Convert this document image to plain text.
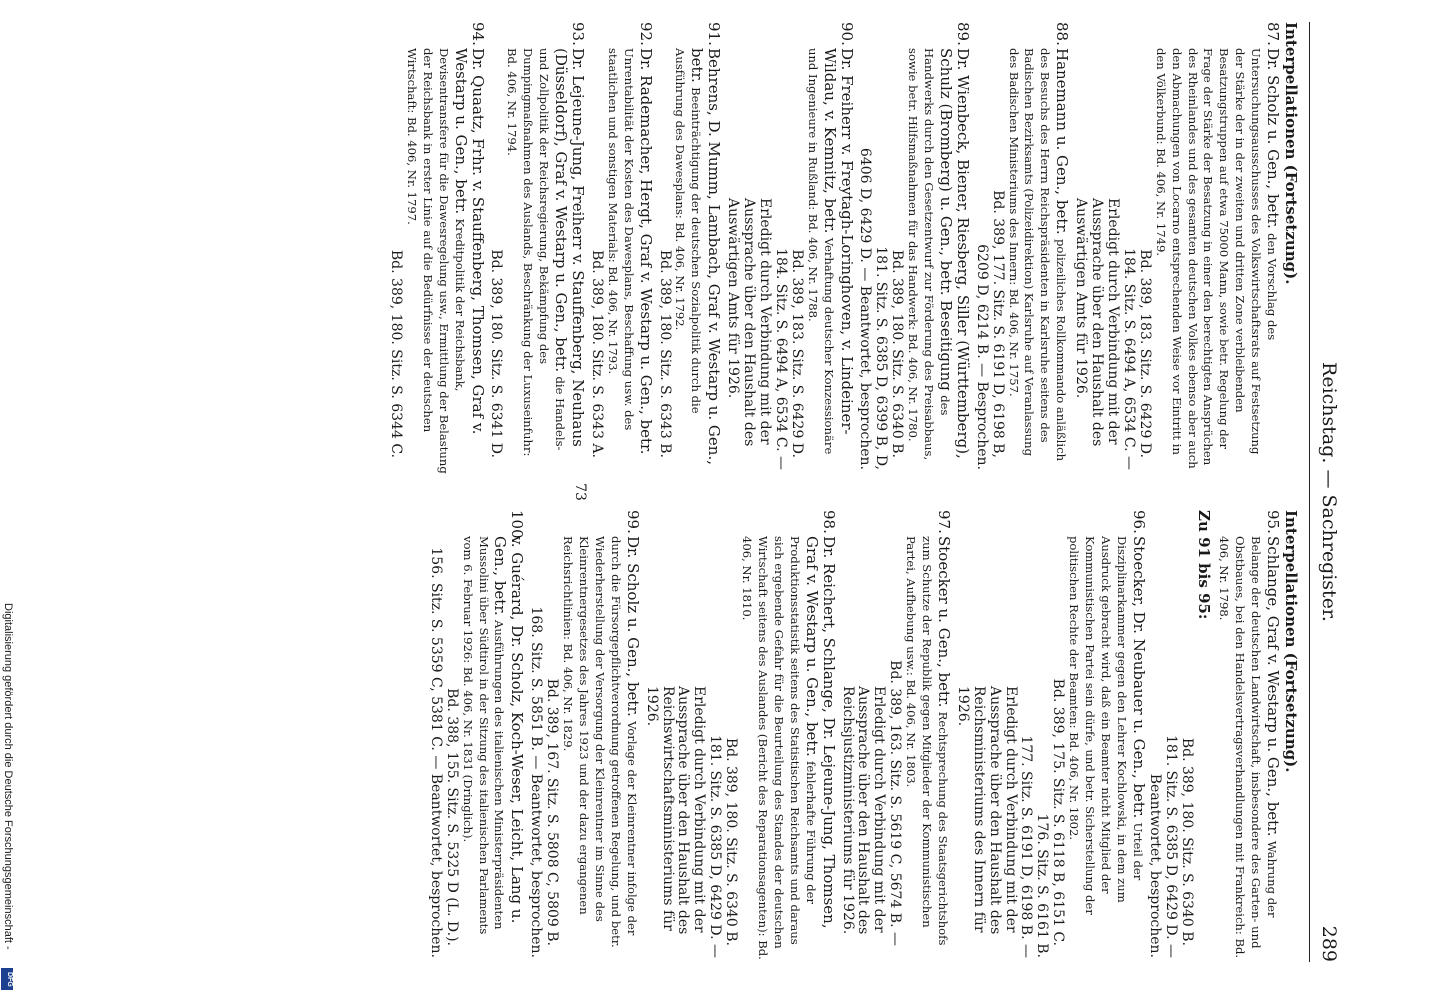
Reichstag. — Sachregister.
289
Interpellationen (Fortsetzung).
87.
Dr. Scholz u. Gen., betr. den Vorschlag des Untersuchungsausschusses des Volkswirtschaftsrats auf Festsetzung der Stärke der in der zweiten und dritten Zone verbleibenden Besatzungstruppen auf etwa 75000 Mann, sowie betr. Regelung der Frage der Stärke der Besatzung in einer den berechtigten Ansprüchen des Rheinlandes und des gesamten deutschen Volkes ebenso aber auch den Abmachungen von Locarno entsprechenden Weise vor Eintritt in den Völkerbund: Bd. 406, Nr. 1749.
Bd. 389, 183. Sitz. S. 6429 D.
184. Sitz. S. 6494 A, 6534 C. —
Erledigt durch Verbindung mit der Aussprache über den Haushalt des Auswärtigen Amts für 1926.
88.
Hanemann u. Gen., betr. polizeiliches Rollkommando anläßlich des Besuchs des Herrn Reichspräsidenten in Karlsruhe seitens des Badischen Bezirksamts (Polizeidirektion) Karlsruhe auf Veranlassung des Badischen Ministeriums des Innern: Bd. 406, Nr. 1757.
Bd. 389, 177. Sitz. S. 6191 D, 6198 B,
6209 D, 6214 B. — Besprochen.
89.
Dr. Wienbeck, Biener, Riesberg, Siller (Württemberg), Schulz (Bromberg) u. Gen., betr. Beseitigung des Handwerks durch den Gesetzentwurf zur Förderung des Preisabbaus, sowie betr. Hilfsmaßnahmen für das Handwerk: Bd. 406, Nr. 1780.
Bd. 389, 180. Sitz. S. 6340 B.
181. Sitz. S. 6385 D, 6399 B, D,
6406 D, 6429 D. — Beantwortet, besprochen.
90.
Dr. Freiherr v. Freytagh-Loringhoven, v. Lindeiner-Wildau, v. Kemnitz, betr. Verhaftung deutscher Konzessionäre und Ingenieure in Rußland: Bd. 406, Nr. 1788.
Bd. 389, 183. Sitz. S. 6429 D.
184. Sitz. S. 6494 A, 6534 C. —
Erledigt durch Verbindung mit der Aussprache über den Haushalt des Auswärtigen Amts für 1926.
91.
Behrens, D. Mumm, Lambach, Graf v. Westarp u. Gen., betr. Beeinträchtigung der deutschen Sozialpolitik durch die Ausführung des Dawesplans: Bd. 406, Nr. 1792.
Bd. 389, 180. Sitz. S. 6343 B.
92.
Dr. Rademacher, Hergt, Graf v. Westarp u. Gen., betr. Unrentabilität der Kosten des Dawesplans, Beschaffung usw. des staatlichen und sonstigen Materials: Bd. 406, Nr. 1793.
Bd. 389, 180. Sitz. S. 6343 A.
93.
Dr. Lejeune-Jung, Freiherr v. Stauffenberg, Neuhaus (Düsseldorf), Graf v. Westarp u. Gen., betr. die Handels- und Zollpolitik der Reichsregierung, Bekämpfung des Dumpingmaßnahmen des Auslands, Beschränkung der Luxuseinfuhr: Bd. 406, Nr. 1794.
Bd. 389, 180. Sitz. S. 6341 D.
94.
Dr. Quaatz, Frhr. v. Stauffenberg, Thomsen, Graf v. Westarp u. Gen., betr. Kreditpolitik der Reichsbank, Devisentransfere für die Dawesregelung usw., Ermittlung der Belastung der Reichsbank in erster Linie auf die Bedürfnisse der deutschen Wirtschaft: Bd. 406, Nr. 1797.
Bd. 389, 180. Sitz. S. 6344 C.
Interpellationen (Fortsetzung).
95.
Schlange, Graf v. Westarp u. Gen., betr. Wahrung der Belange der deutschen Landwirtschaft, insbesondere des Garten- und Obstbaues, bei den Handelsvertragsverhandlungen mit Frankreich: Bd. 406, Nr. 1798.
Zu 91 bis 95:
Bd. 389, 180. Sitz. S. 6340 B.
181. Sitz. S. 6385 D, 6429 D. —
Beantwortet, besprochen.
96.
Stoecker, Dr. Neubauer u. Gen., betr. Urteil der Disziplinarkammer gegen den Lehrer Kochlowski, in dem zum Ausdruck gebracht wird, daß ein Beamter nicht Mitglied der Kommunistischen Partei sein dürfe, und betr. Sicherstellung der politischen Rechte der Beamten: Bd. 406, Nr. 1802.
Bd. 389, 175. Sitz. S. 6118 B, 6151 C.
176. Sitz. S. 6161 B.
177. Sitz. S. 6191 D, 6198 B. —
Erledigt durch Verbindung mit der Aussprache über den Haushalt des Reichsministeriums des Innern für 1926.
97.
Stoecker u. Gen., betr. Rechtsprechung des Staatsgerichtshofs zum Schutze der Republik gegen Mitglieder der Kommunistischen Partei, Aufhebung usw.: Bd. 406, Nr. 1803.
Bd. 389, 163. Sitz. S. 5619 C, 5674 B. —
Erledigt durch Verbindung mit der Aussprache über den Haushalt des Reichsjustizministeriums für 1926.
98.
Dr. Reichert, Schlange, Dr. Lejeune-Jung, Thomsen, Graf v. Westarp u. Gen., betr. fehlerhafte Führung der Produktionsstatistik seitens des Statistischen Reichsamts und daraus sich ergebende Gefahr für die Beurteilung des Standes der deutschen Wirtschaft seitens des Auslandes (Bericht des Reparationsagenten): Bd. 406, Nr. 1810.
Bd. 389, 180. Sitz. S. 6340 B.
181. Sitz. S. 6385 D, 6429 D. —
Erledigt durch Verbindung mit der Aussprache über den Haushalt des Reichswirtschaftsministeriums für 1926.
99.
Dr. Scholz u. Gen., betr. Vorlage der Kleinrentner infolge der durch die Fürsorgepflichtverordnung getroffenen Regelung, und betr. Wiederherstellung der Versorgung der Kleinrentner im Sinne des Kleinrentnergesetzes des Jahres 1923 und der dazu ergangenen Reichsrichtlinien: Bd. 406, Nr. 1829.
Bd. 389, 167. Sitz. S. 5808 C, 5809 B.
168. Sitz. S. 5851 B. — Beantwortet, besprochen.
100.
v. Guérard, Dr. Scholz, Koch-Weser, Leicht, Lang u. Gen., betr. Ausführungen des italienischen Ministerpräsidenten Mussolini über Südtirol in der Sitzung des italienischen Parlaments vom 6. Februar 1926: Bd. 406, Nr. 1831 (Dringlich).
Bd. 388, 155. Sitz. S. 5325 D (L. D.).
156. Sitz. S. 5359 C, 5381 C. — Beantwortet, besprochen.
73
Digitalisierung gefördert durch die Deutsche Forschungsgemeinschaft -
DFG
